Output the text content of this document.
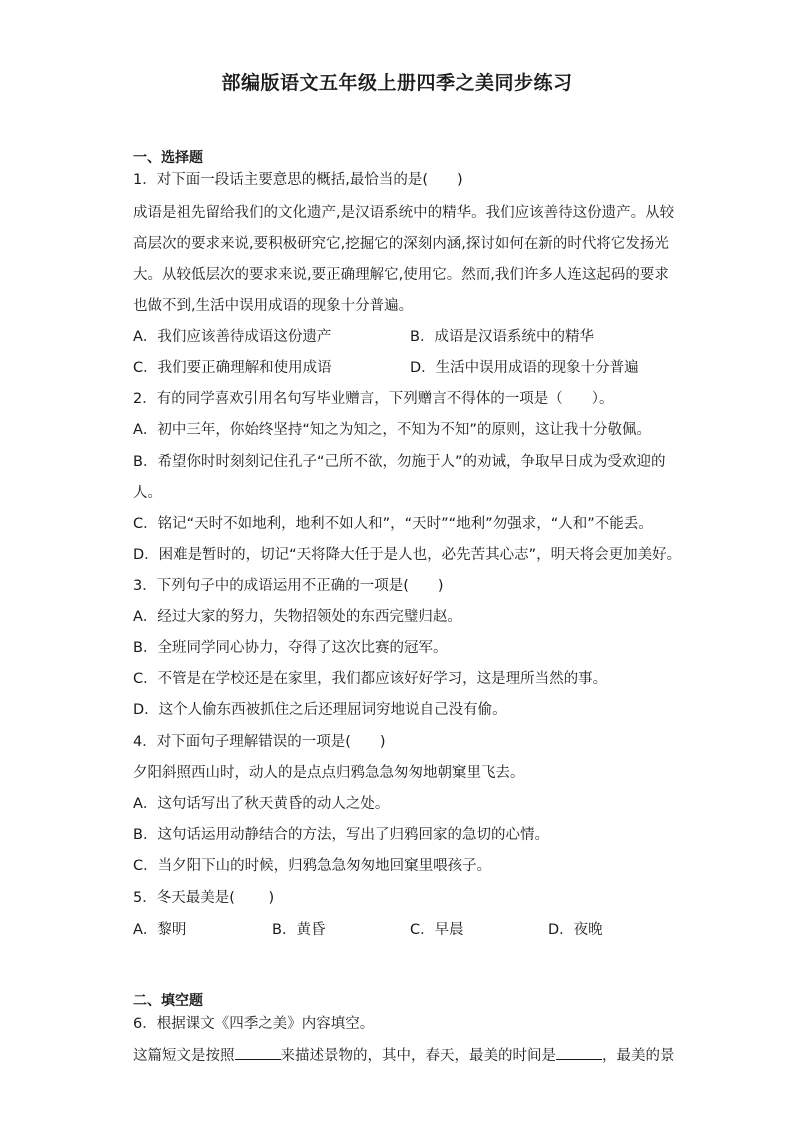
部编版语文五年级上册四季之美同步练习
一、选择题
1．对下面一段话主要意思的概括,最恰当的是(　　)
成语是祖先留给我们的文化遗产,是汉语系统中的精华。我们应该善待这份遗产。从较
高层次的要求来说,要积极研究它,挖掘它的深刻内涵,探讨如何在新的时代将它发扬光
大。从较低层次的要求来说,要正确理解它,使用它。然而,我们许多人连这起码的要求
也做不到,生活中误用成语的现象十分普遍。
A．我们应该善待成语这份遗产	B．成语是汉语系统中的精华
C．我们要正确理解和使用成语	D．生活中误用成语的现象十分普遍
2．有的同学喜欢引用名句写毕业赠言，下列赠言不得体的一项是（　　）。
A．初中三年，你始终坚持“知之为知之，不知为不知”的原则，这让我十分敬佩。
B．希望你时时刻刻记住孔子“己所不欲，勿施于人”的劝诫，争取早日成为受欢迎的
人。
C．铭记“天时不如地利，地利不如人和”，“天时”“地利”勿强求，“人和”不能丢。
D．困难是暂时的，切记“天将降大任于是人也，必先苦其心志”，明天将会更加美好。
3．下列句子中的成语运用不正确的一项是(　　)
A．经过大家的努力，失物招领处的东西完璧归赵。
B．全班同学同心协力，夺得了这次比赛的冠军。
C．不管是在学校还是在家里，我们都应该好好学习，这是理所当然的事。
D．这个人偷东西被抓住之后还理屈词穷地说自己没有偷。
4．对下面句子理解错误的一项是(　　)
夕阳斜照西山时，动人的是点点归鸦急急匆匆地朝窠里飞去。
A．这句话写出了秋天黄昏的动人之处。
B．这句话运用动静结合的方法，写出了归鸦回家的急切的心情。
C．当夕阳下山的时候，归鸦急急匆匆地回窠里喂孩子。
5．冬天最美是(　　 )
A．黎明	B．黄昏	C．早晨	D．夜晚
二、填空题
6．根据课文《四季之美》内容填空。
这篇短文是按照	来描述景物的，其中，春天，最美的时间是	，最美的景
